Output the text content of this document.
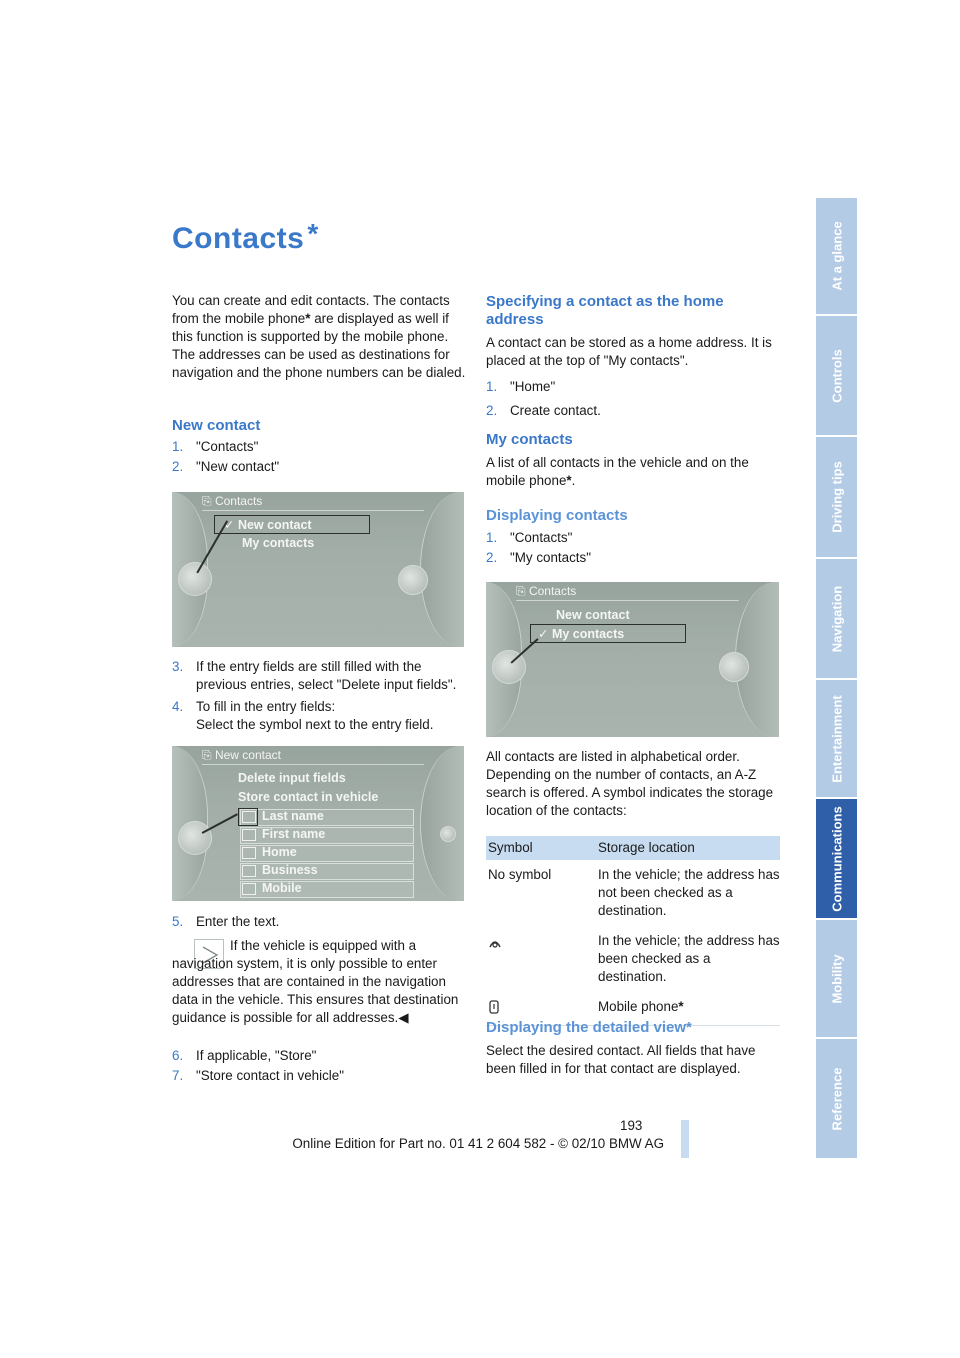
Contacts *

You can create and edit contacts. The contacts from the mobile phone* are displayed as well if this function is supported by the mobile phone. The addresses can be used as destinations for navigation and the phone numbers can be dialed.

New contact
1. "Contacts"
2. "New contact"
⎘ Contacts
✓ New contact
My contacts
3. If the entry fields are still filled with the previous entries, select "Delete input fields".
4. To fill in the entry fields:
Select the symbol next to the entry field.
⎘ New contact
Delete input fields
Store contact in vehicle
Last name
First name
Home
Business
Mobile
5. Enter the text.

If the vehicle is equipped with a navigation system, it is only possible to enter addresses that are contained in the navigation data in the vehicle. This ensures that destination guidance is possible for all addresses.◀

6. If applicable, "Store"
7. "Store contact in vehicle"
Specifying a contact as the home address

A contact can be stored as a home address. It is placed at the top of "My contacts".

1. "Home"
2. Create contact.
My contacts

A list of all contacts in the vehicle and on the mobile phone*.

Displaying contacts
1. "Contacts"
2. "My contacts"
⎘ Contacts
New contact
✓ My contacts

All contacts are listed in alphabetical order. Depending on the number of contacts, an A-Z search is offered. A symbol indicates the storage location of the contacts:

Symbol	Storage location
No symbol	In the vehicle; the address has not been checked as a destination.
	In the vehicle; the address has been checked as a destination.
	Mobile phone*
Displaying the detailed view*

Select the desired contact. All fields that have been filled in for that contact are displayed.

At a glance
Controls
Driving tips
Navigation
Entertainment
Communications
Mobility
Reference
193
Online Edition for Part no. 01 41 2 604 582 - © 02/10 BMW AG
